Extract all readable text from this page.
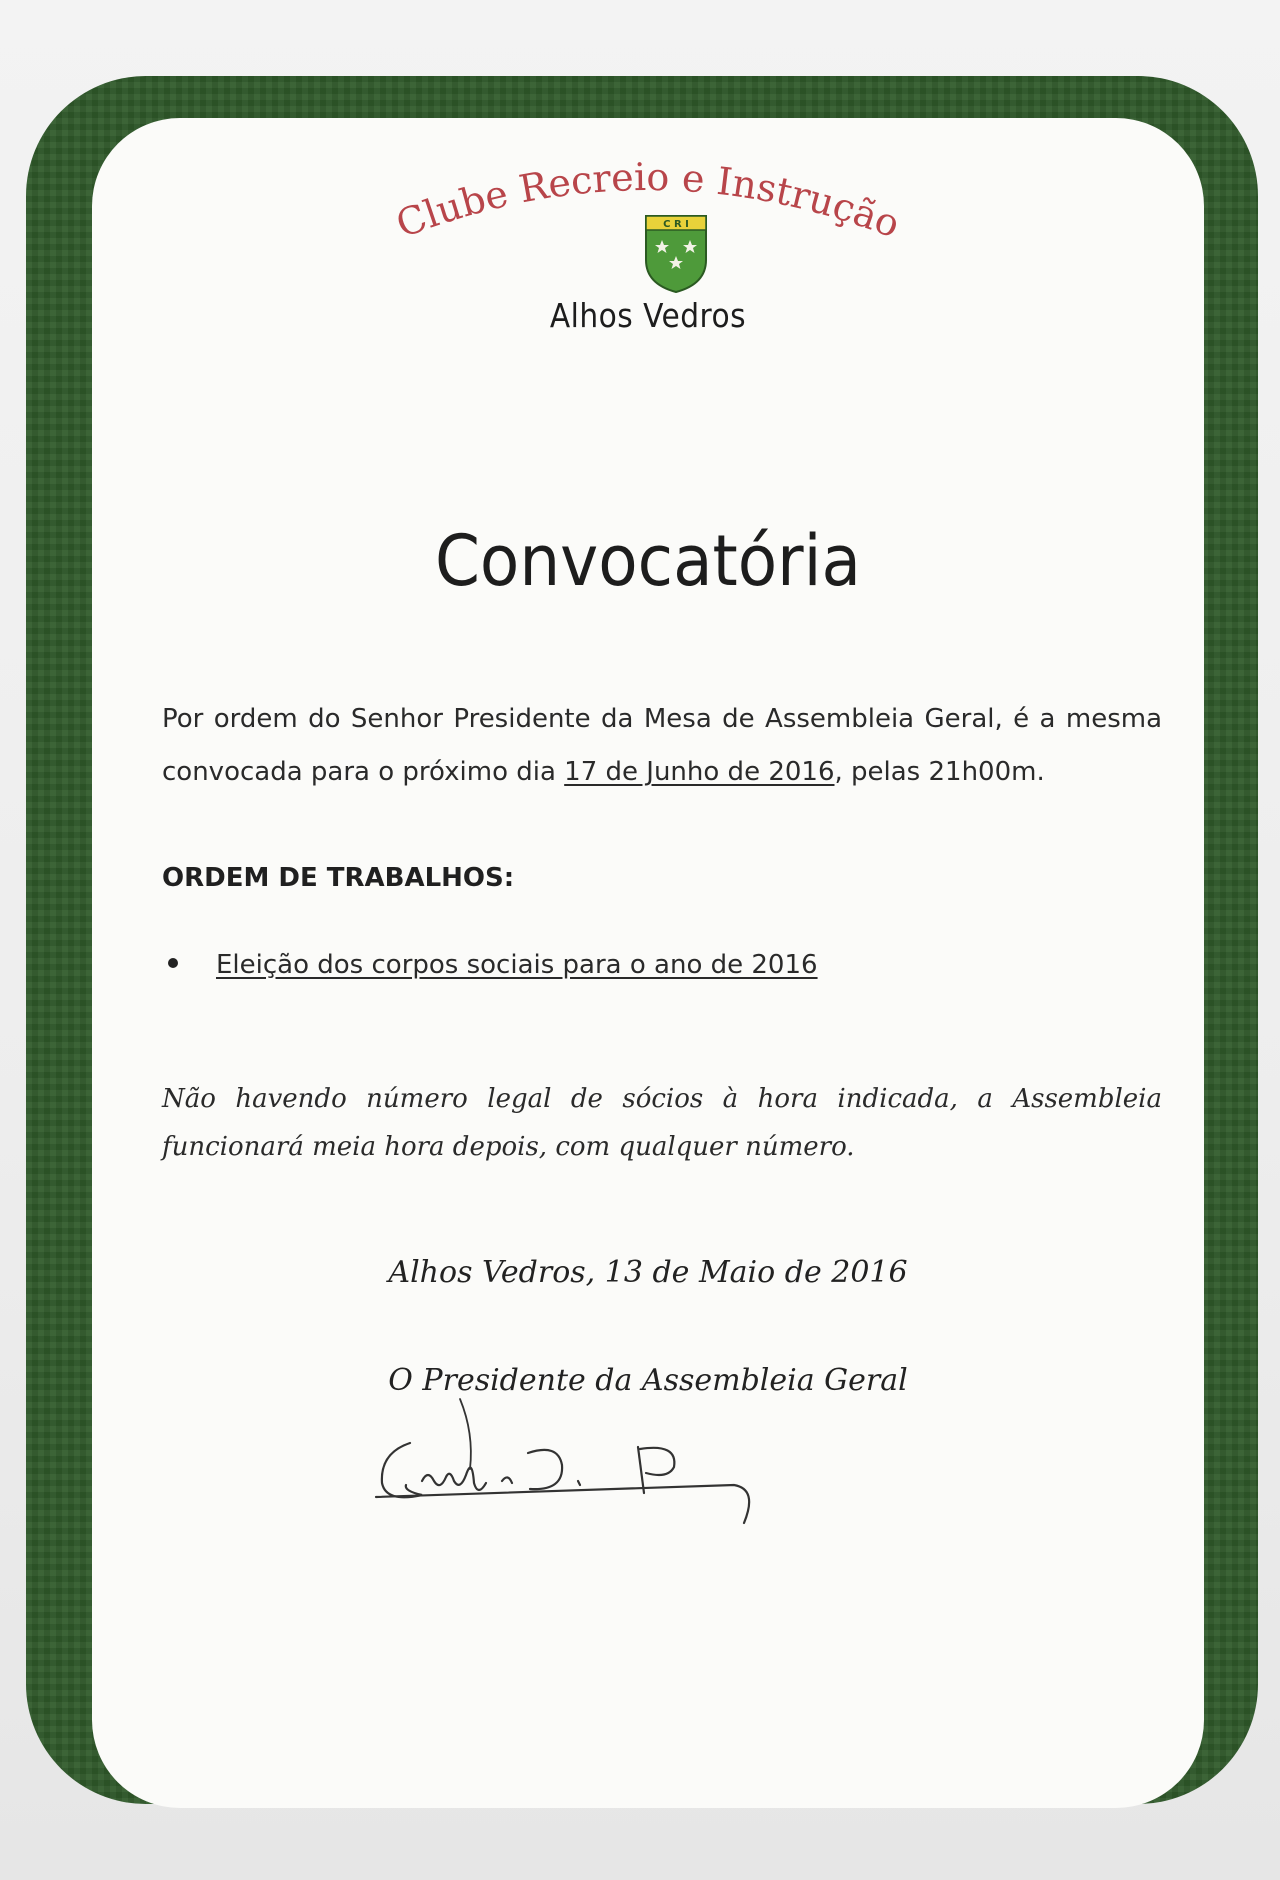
Clube Recreio e Instrução
C R I
Alhos Vedros
Convocatória
Por ordem do Senhor Presidente da Mesa de Assembleia Geral, é a mesma convocada para o próximo dia 17 de Junho de 2016, pelas 21h00m.
ORDEM DE TRABALHOS:
Eleição dos corpos sociais para o ano de 2016
Não havendo número legal de sócios à hora indicada, a Assembleia funcionará meia hora depois, com qualquer número.
Alhos Vedros, 13 de Maio de 2016
O Presidente da Assembleia Geral
